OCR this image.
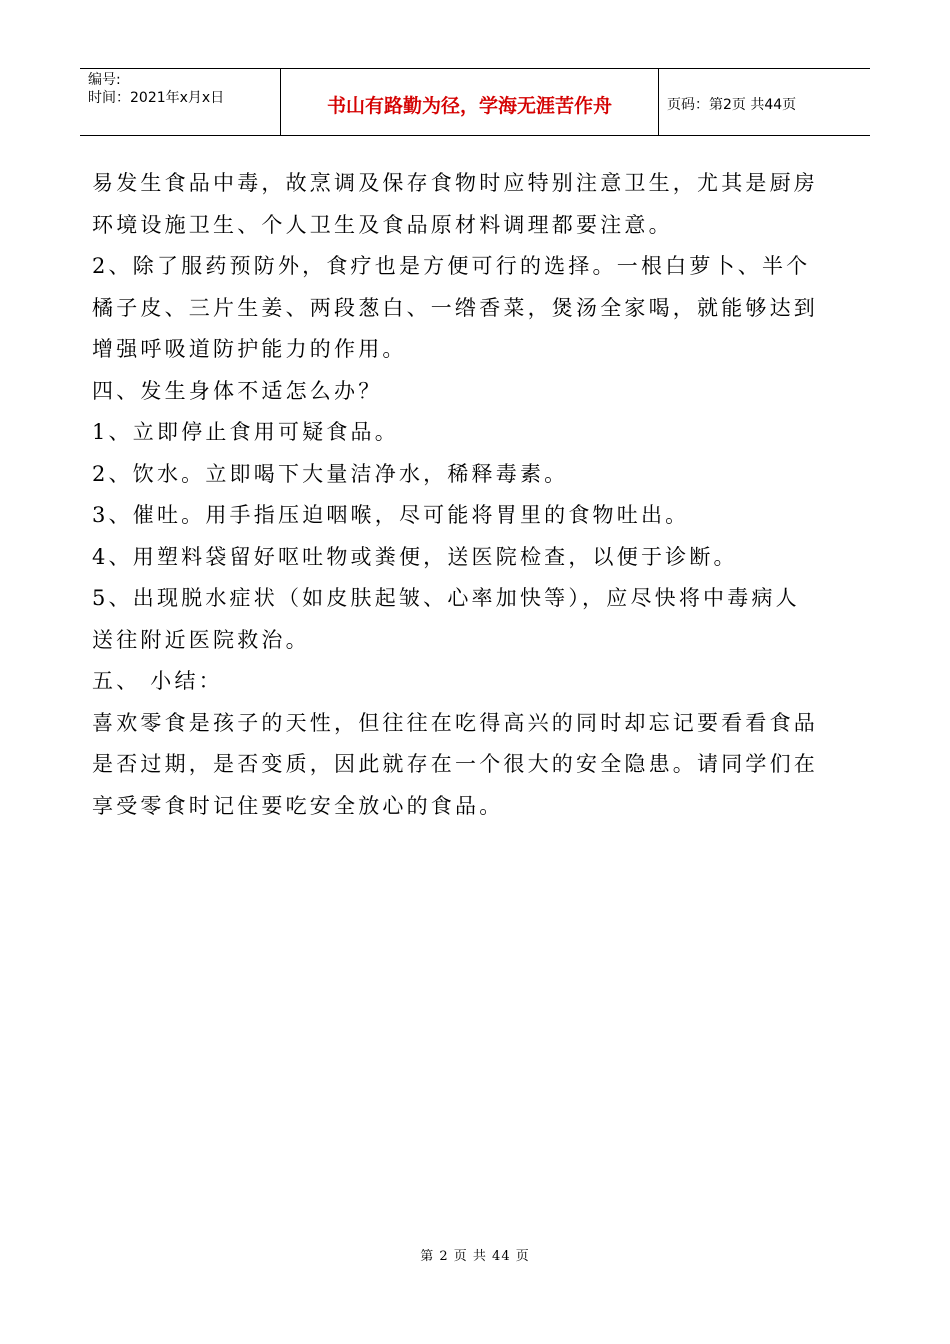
编号:
时间：2021年x月x日	书山有路勤为径，学海无涯苦作舟	页码：第2页 共44页

易发生食品中毒，故烹调及保存食物时应特别注意卫生，尤其是厨房

环境设施卫生、个人卫生及食品原材料调理都要注意。

2、除了服药预防外，食疗也是方便可行的选择。一根白萝卜、半个

橘子皮、三片生姜、两段葱白、一绺香菜，煲汤全家喝，就能够达到

增强呼吸道防护能力的作用。

四、发生身体不适怎么办？

1、立即停止食用可疑食品。

2、饮水。立即喝下大量洁净水，稀释毒素。

3、催吐。用手指压迫咽喉，尽可能将胃里的食物吐出。

4、用塑料袋留好呕吐物或粪便，送医院检查，以便于诊断。

5、出现脱水症状（如皮肤起皱、心率加快等），应尽快将中毒病人

送往附近医院救治。

五、 小结：

喜欢零食是孩子的天性，但往往在吃得高兴的同时却忘记要看看食品

是否过期，是否变质，因此就存在一个很大的安全隐患。请同学们在

享受零食时记住要吃安全放心的食品。

第 2 页 共 44 页
